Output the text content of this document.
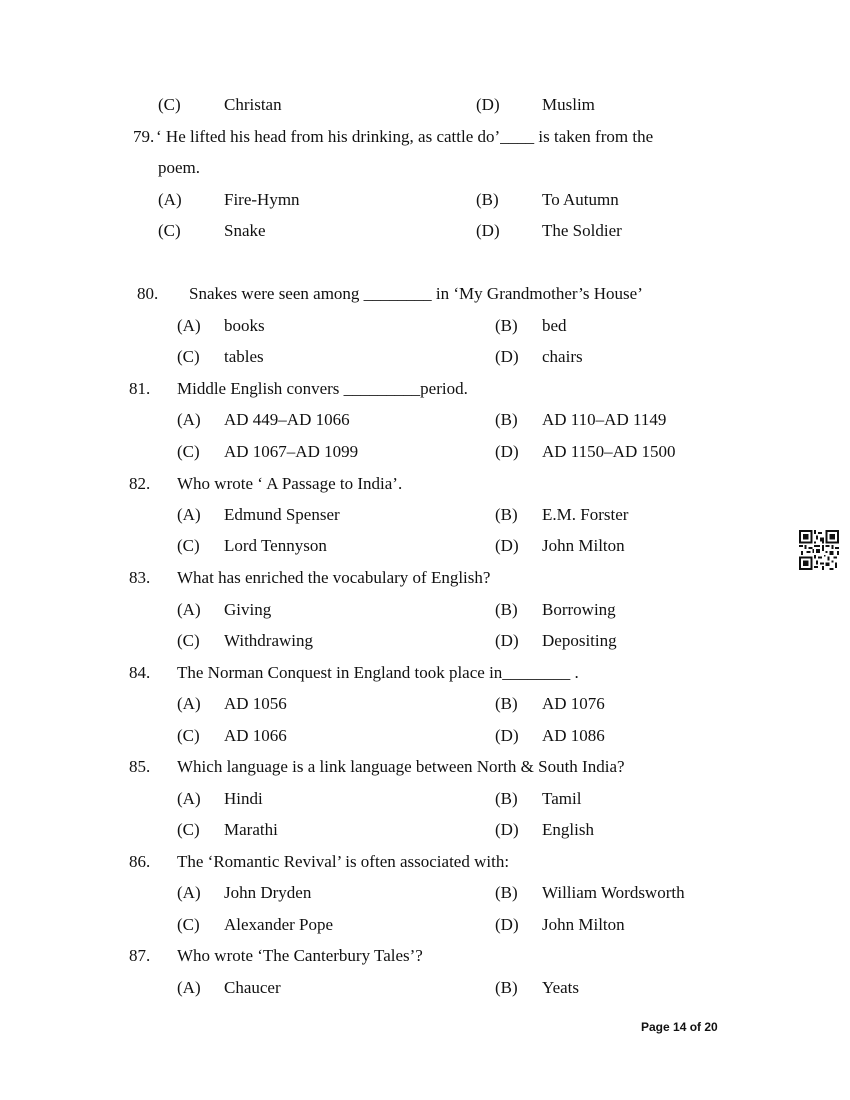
(C)	Christan	(D) Muslim
79. ‘ He lifted his head from his drinking, as cattle do’____ is taken from the
poem.
(A) Fire-Hymn	(B)	To Autumn
(C)	Snake	(D) The Soldier
80. Snakes were seen among ________ in ‘My Grandmother’s House’
(A) books	(B) bed
(C) tables	(D) chairs
81. Middle English convers _________period.
(A) AD 449–AD 1066	(B) AD 110–AD 1149
(C) AD 1067–AD 1099	(D) AD 1150–AD 1500
82. Who wrote ‘ A Passage to India’.
(A) Edmund Spenser	(B) E.M. Forster
(C) Lord Tennyson	(D) John Milton
83. What has enriched the vocabulary of English?
(A) Giving	(B) Borrowing
(C) Withdrawing	(D) Depositing
84. The Norman Conquest in England took place in________ .
(A) AD 1056	(B) AD 1076
(C) AD 1066	(D) AD 1086
85. Which language is a link language between North & South India?
(A) Hindi	(B) Tamil
(C) Marathi	(D) English
86. The ‘Romantic Revival’ is often associated with:
(A) John Dryden	(B) William Wordsworth
(C) Alexander Pope	(D) John Milton
87. Who wrote ‘The Canterbury Tales’?
(A) Chaucer	(B) Yeats
Page 14 of 20
